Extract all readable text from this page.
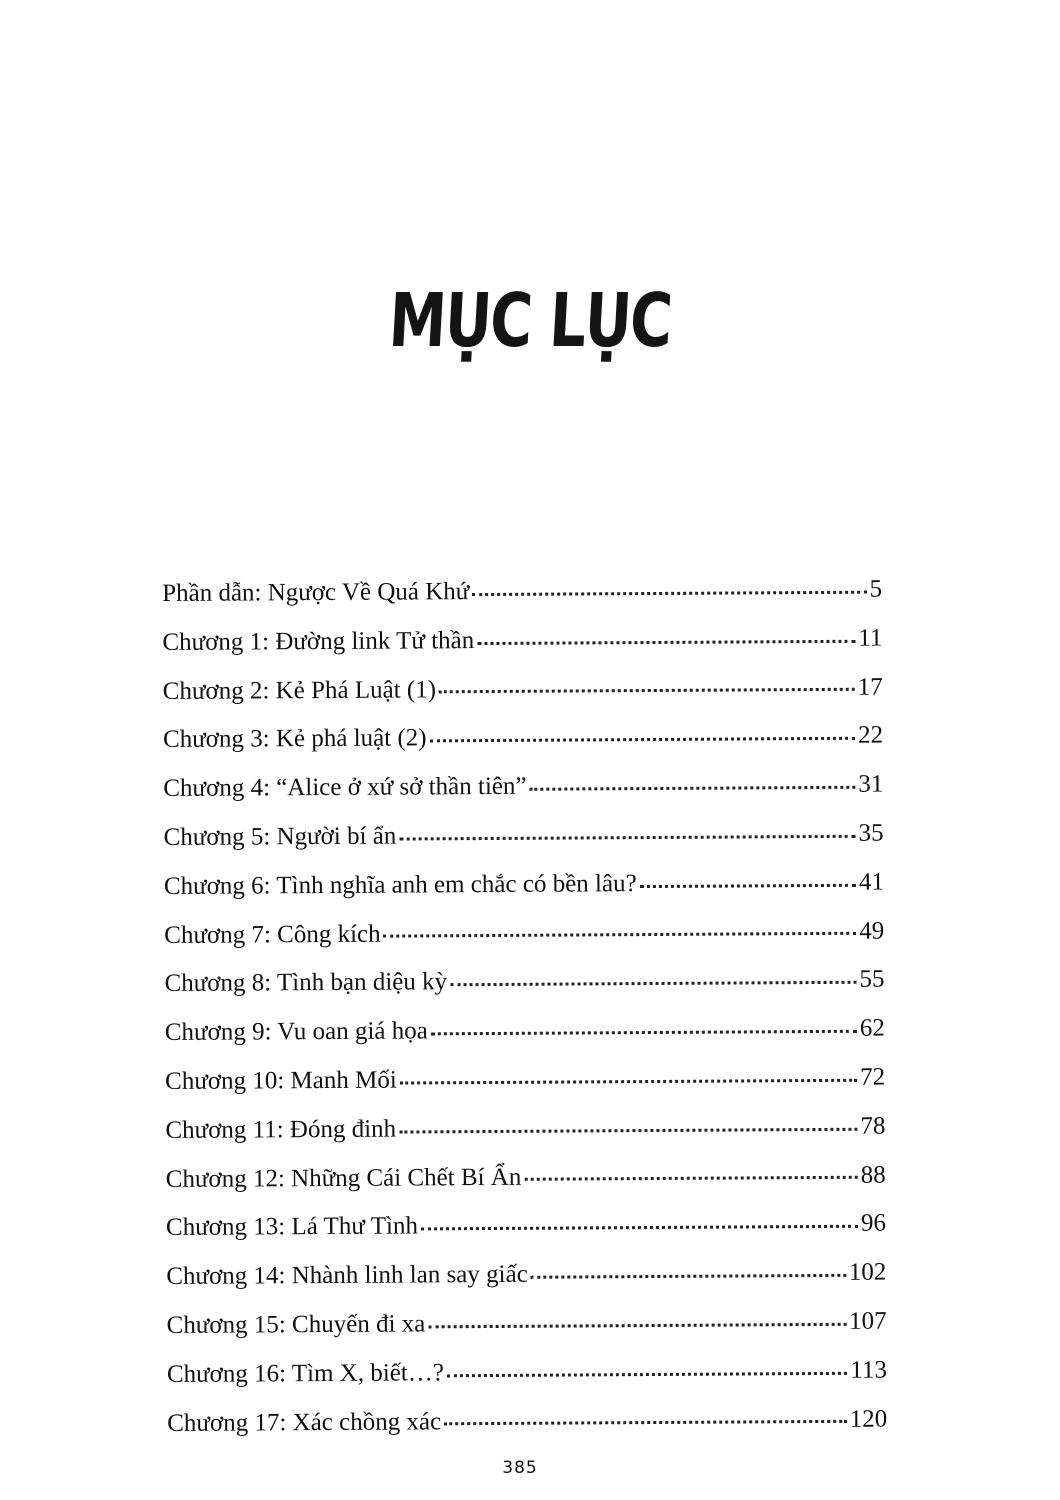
MỤC LỤC
Phần dẫn: Ngược Về Quá Khứ	5
Chương 1: Đường link Tử thần	11
Chương 2: Kẻ Phá Luật (1)	17
Chương 3: Kẻ phá luật (2)	22
Chương 4: “Alice ở xứ sở thần tiên”	31
Chương 5: Người bí ẩn	35
Chương 6: Tình nghĩa anh em chắc có bền lâu?	41
Chương 7: Công kích	49
Chương 8: Tình bạn diệu kỳ	55
Chương 9: Vu oan giá họa	62
Chương 10: Manh Mối	72
Chương 11: Đóng đinh	78
Chương 12: Những Cái Chết Bí Ẩn	88
Chương 13: Lá Thư Tình	96
Chương 14: Nhành linh lan say giấc	102
Chương 15: Chuyến đi xa	107
Chương 16: Tìm X, biết…?	113
Chương 17: Xác chồng xác	120
385
